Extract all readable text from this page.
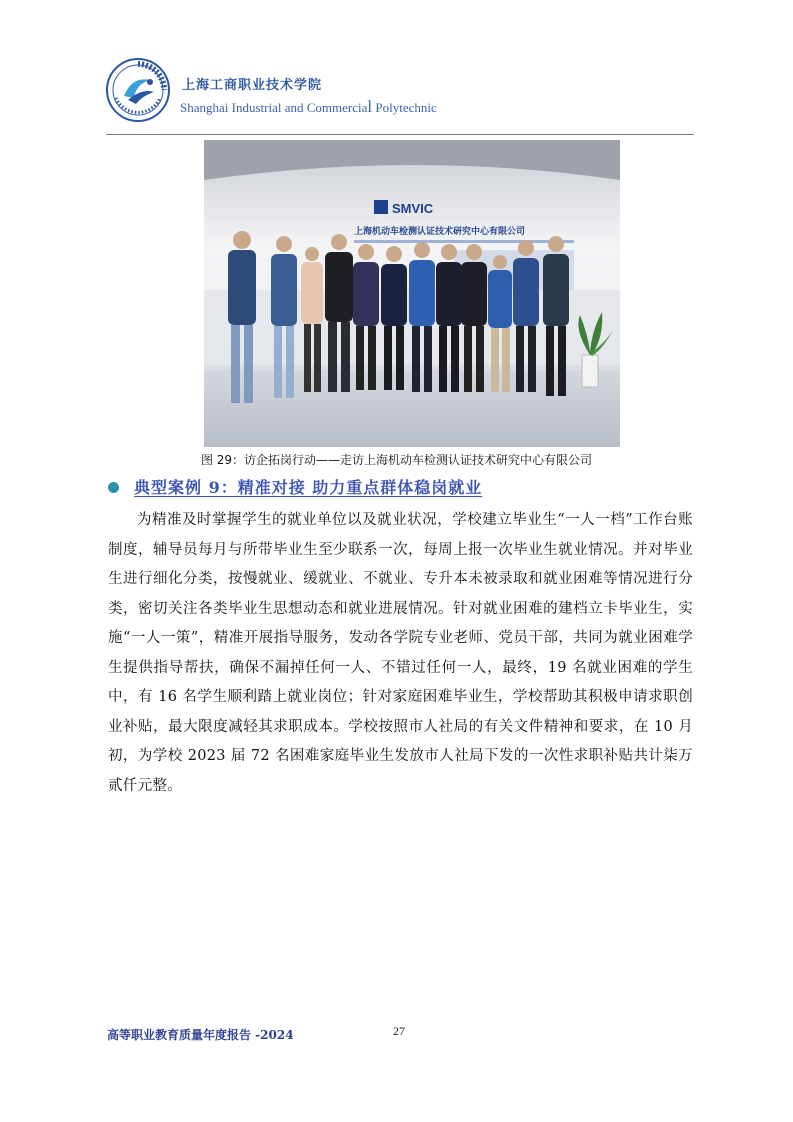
上海工商职业技术学院
Shanghai Industrial and Commercial Polytechnic
SMVIC
上海机动车检测认证技术研究中心有限公司
图 29：访企拓岗行动——走访上海机动车检测认证技术研究中心有限公司
典型案例 9：精准对接 助力重点群体稳岗就业

为精准及时掌握学生的就业单位以及就业状况，学校建立毕业生“一人一档”工作台账制度，辅导员每月与所带毕业生至少联系一次，每周上报一次毕业生就业情况。并对毕业生进行细化分类，按慢就业、缓就业、不就业、专升本未被录取和就业困难等情况进行分类，密切关注各类毕业生思想动态和就业进展情况。针对就业困难的建档立卡毕业生，实施“一人一策”，精准开展指导服务，发动各学院专业老师、党员干部，共同为就业困难学生提供指导帮扶，确保不漏掉任何一人、不错过任何一人，最终，19 名就业困难的学生中，有 16 名学生顺利踏上就业岗位；针对家庭困难毕业生，学校帮助其积极申请求职创业补贴，最大限度减轻其求职成本。学校按照市人社局的有关文件精神和要求，在 10 月初，为学校 2023 届 72 名困难家庭毕业生发放市人社局下发的一次性求职补贴共计柒万贰仟元整。

高等职业教育质量年度报告 -2024	27
